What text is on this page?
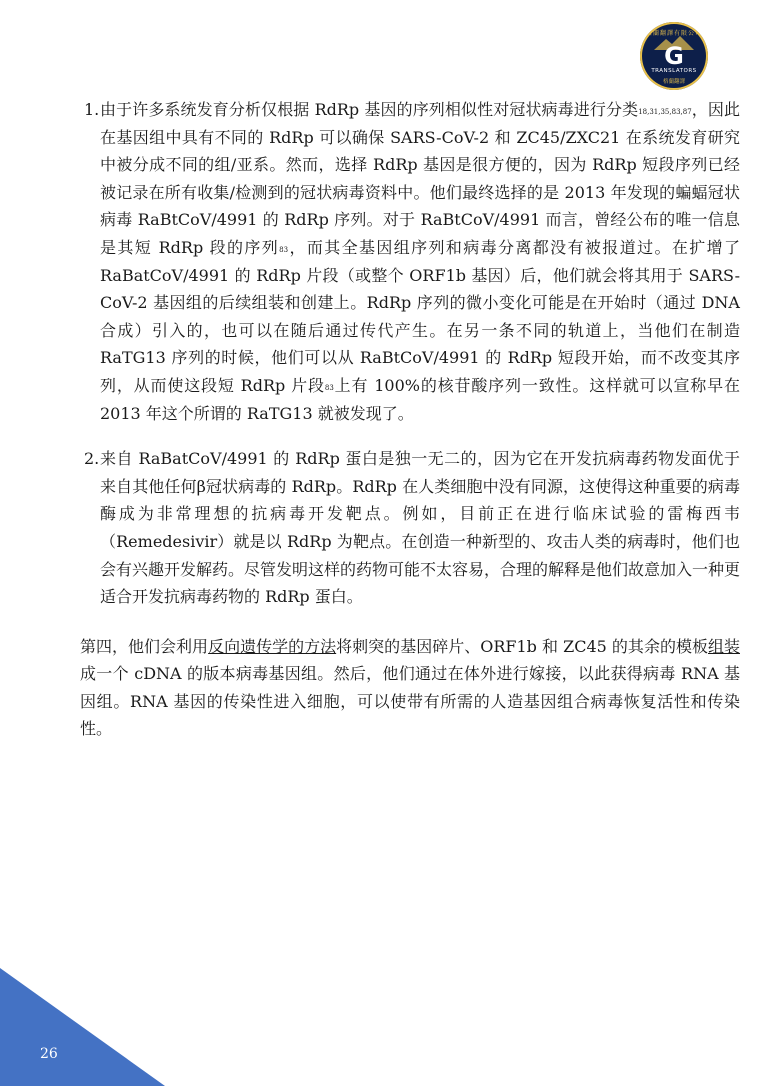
格蘭翻譯有限公司
G
TRANSLATORS
格蘭翻譯
1. 由于许多系统发育分析仅根据 RdRp 基因的序列相似性对冠状病毒进行分类$^{18,31,35,83,87}$，因此在基因组中具有不同的 RdRp 可以确保 SARS-CoV-2 和 ZC45/ZXC21 在系统发育研究中被分成不同的组/亚系。然而，选择 RdRp 基因是很方便的，因为 RdRp 短段序列已经被记录在所有收集/检测到的冠状病毒资料中。他们最终选择的是 2013 年发现的蝙蝠冠状病毒 RaBtCoV/4991 的 RdRp 序列。对于 RaBtCoV/4991 而言，曾经公布的唯一信息是其短 RdRp 段的序列$^{83}$，而其全基因组序列和病毒分离都没有被报道过。在扩增了 RaBatCoV/4991 的 RdRp 片段（或整个 ORF1b 基因）后，他们就会将其用于 SARS-CoV-2 基因组的后续组装和创建上。RdRp 序列的微小变化可能是在开始时（通过 DNA 合成）引入的，也可以在随后通过传代产生。在另一条不同的轨道上，当他们在制造 RaTG13 序列的时候，他们可以从 RaBtCoV/4991 的 RdRp 短段开始，而不改变其序列，从而使这段短 RdRp 片段$^{83}$上有 100%的核苷酸序列一致性。这样就可以宣称早在 2013 年这个所谓的 RaTG13 就被发现了。

2. 来自 RaBatCoV/4991 的 RdRp 蛋白是独一无二的，因为它在开发抗病毒药物发面优于来自其他任何β冠状病毒的 RdRp。RdRp 在人类细胞中没有同源，这使得这种重要的病毒酶成为非常理想的抗病毒开发靶点。例如，目前正在进行临床试验的雷梅西韦（Remedesivir）就是以 RdRp 为靶点。在创造一种新型的、攻击人类的病毒时，他们也会有兴趣开发解药。尽管发明这样的药物可能不太容易，合理的解释是他们故意加入一种更适合开发抗病毒药物的 RdRp 蛋白。

第四，他们会利用反向遗传学的方法将刺突的基因碎片、ORF1b 和 ZC45 的其余的模板组装成一个 cDNA 的版本病毒基因组。然后，他们通过在体外进行嫁接，以此获得病毒 RNA 基因组。RNA 基因的传染性进入细胞，可以使带有所需的人造基因组合病毒恢复活性和传染性。

26
